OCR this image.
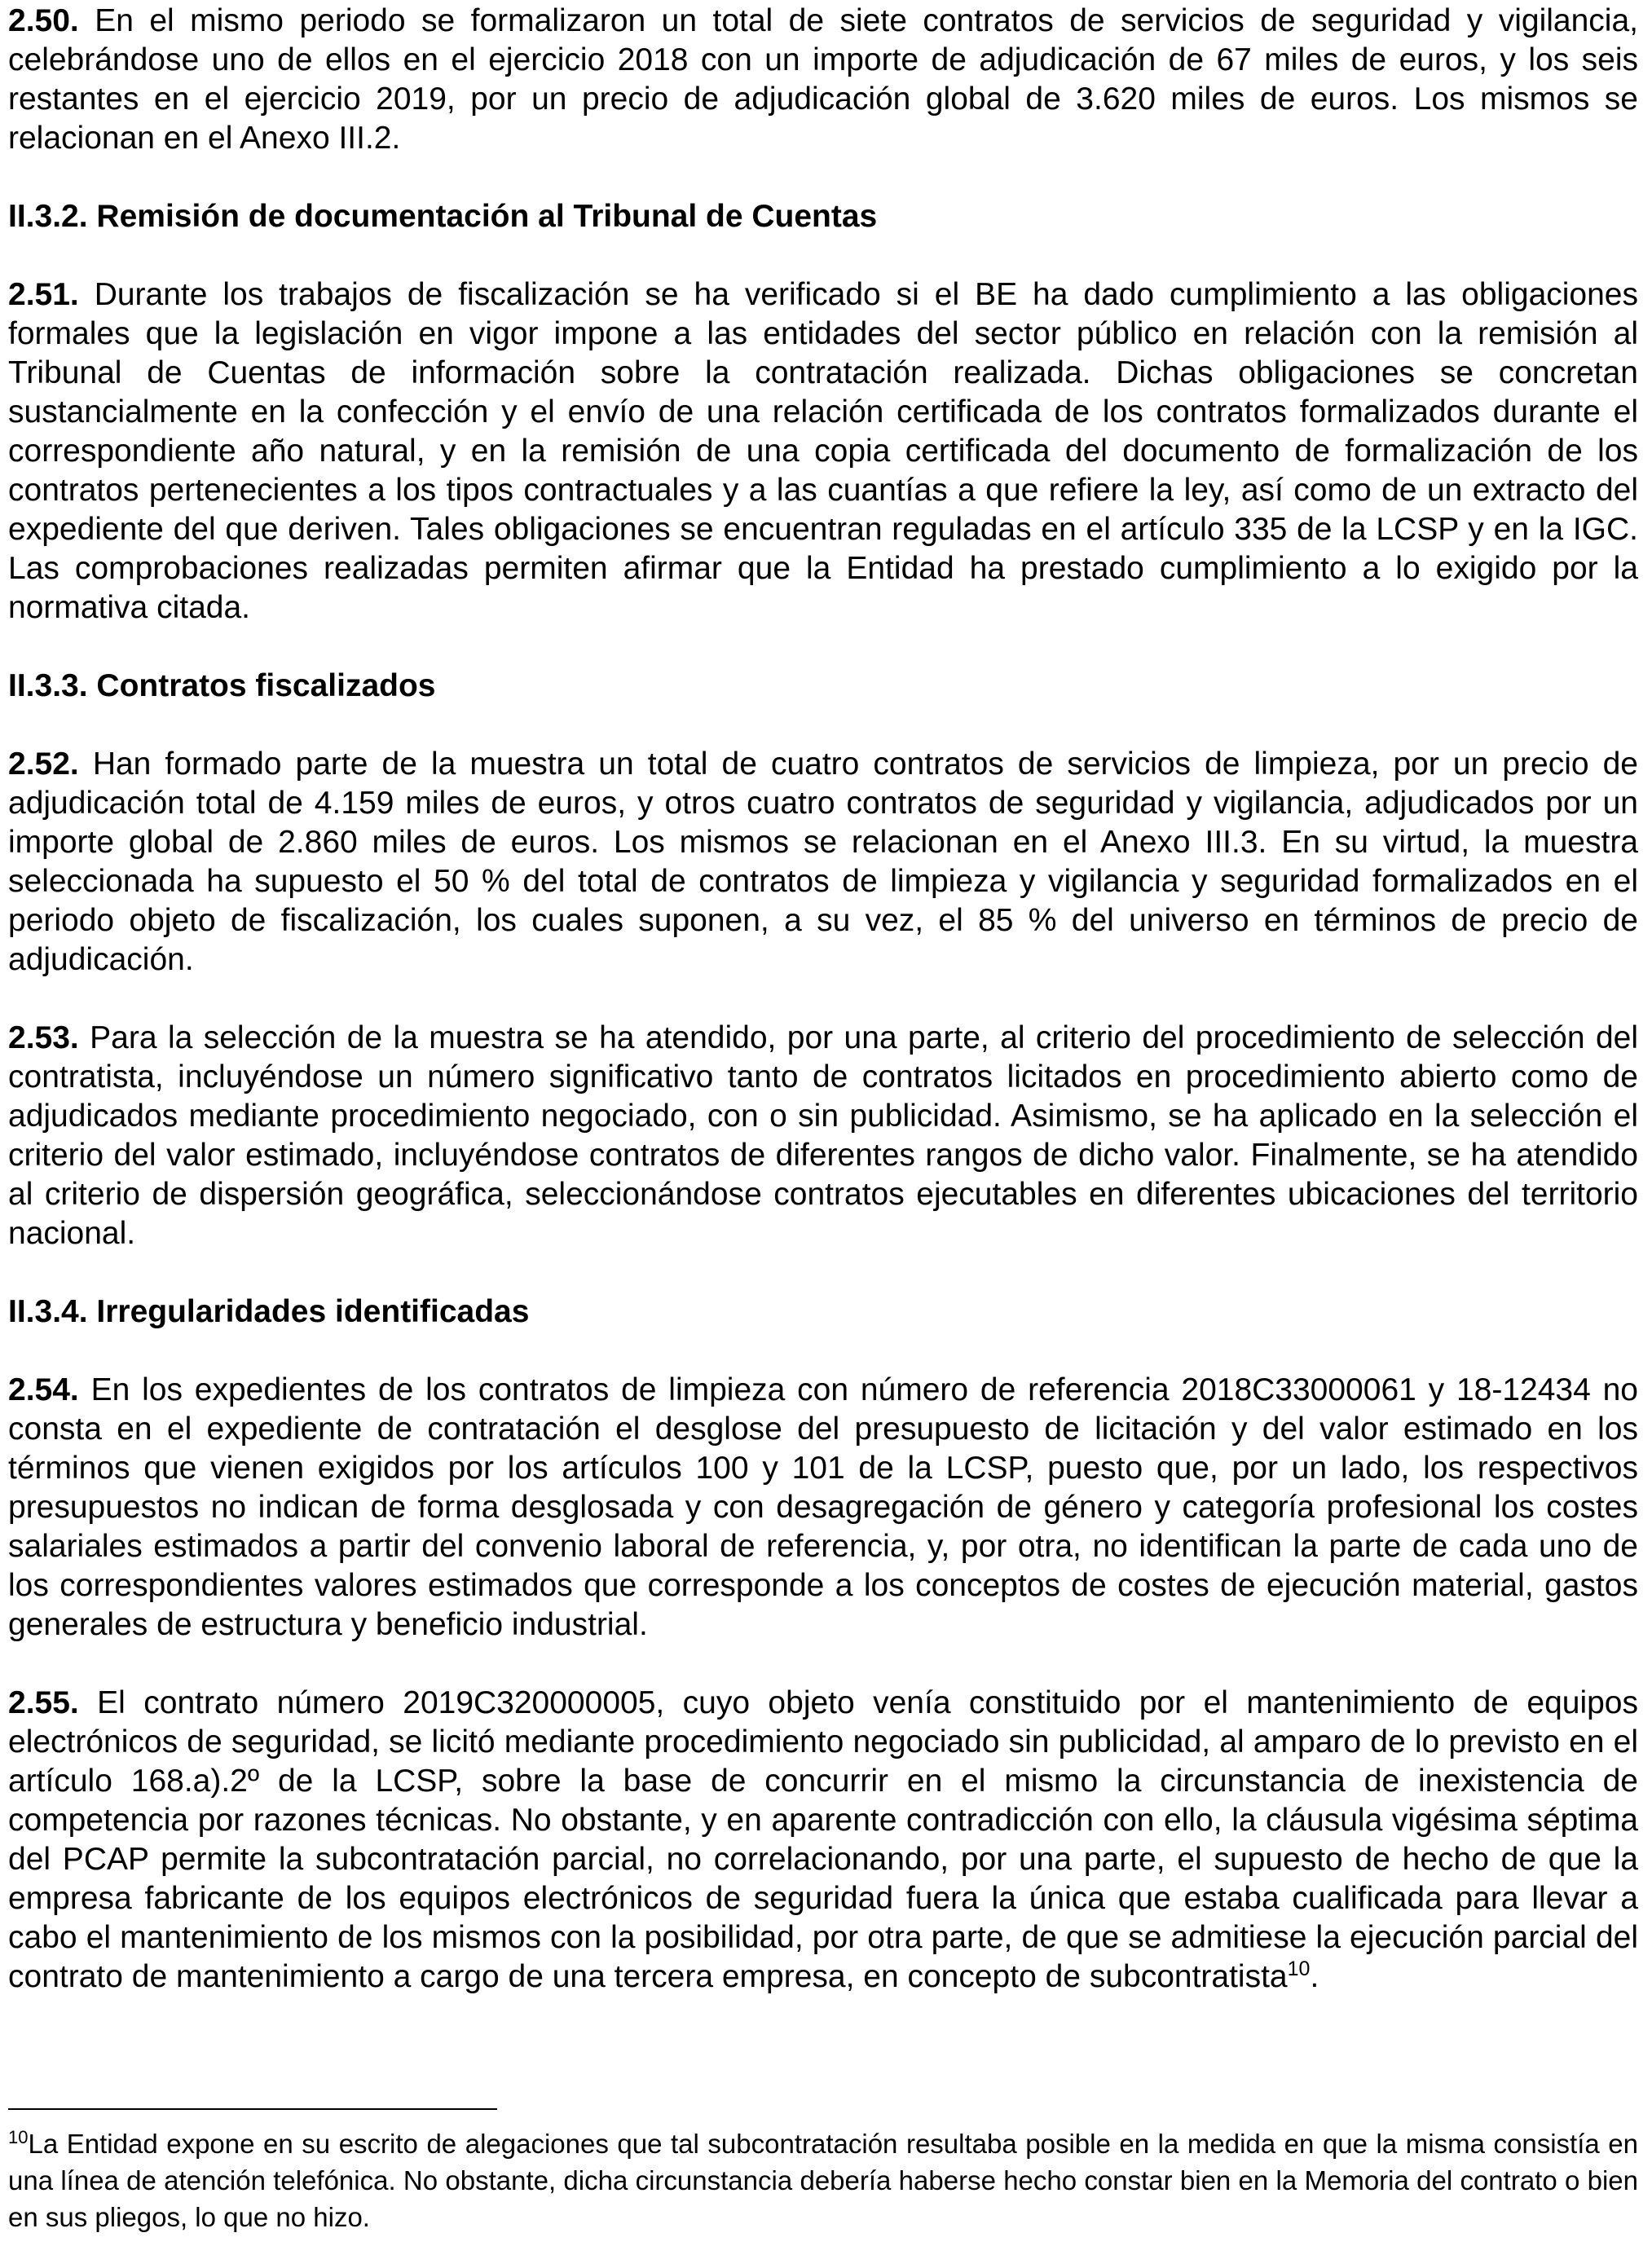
2.50. En el mismo periodo se formalizaron un total de siete contratos de servicios de seguridad y vigilancia, celebrándose uno de ellos en el ejercicio 2018 con un importe de adjudicación de 67 miles de euros, y los seis restantes en el ejercicio 2019, por un precio de adjudicación global de 3.620 miles de euros. Los mismos se relacionan en el Anexo III.2.

II.3.2. Remisión de documentación al Tribunal de Cuentas

2.51. Durante los trabajos de fiscalización se ha verificado si el BE ha dado cumplimiento a las obligaciones formales que la legislación en vigor impone a las entidades del sector público en relación con la remisión al Tribunal de Cuentas de información sobre la contratación realizada. Dichas obligaciones se concretan sustancialmente en la confección y el envío de una relación certificada de los contratos formalizados durante el correspondiente año natural, y en la remisión de una copia certificada del documento de formalización de los contratos pertenecientes a los tipos contractuales y a las cuantías a que refiere la ley, así como de un extracto del expediente del que deriven. Tales obligaciones se encuentran reguladas en el artículo 335 de la LCSP y en la IGC. Las comprobaciones realizadas permiten afirmar que la Entidad ha prestado cumplimiento a lo exigido por la normativa citada.

II.3.3. Contratos fiscalizados

2.52. Han formado parte de la muestra un total de cuatro contratos de servicios de limpieza, por un precio de adjudicación total de 4.159 miles de euros, y otros cuatro contratos de seguridad y vigilancia, adjudicados por un importe global de 2.860 miles de euros. Los mismos se relacionan en el Anexo III.3. En su virtud, la muestra seleccionada ha supuesto el 50 % del total de contratos de limpieza y vigilancia y seguridad formalizados en el periodo objeto de fiscalización, los cuales suponen, a su vez, el 85 % del universo en términos de precio de adjudicación.

2.53. Para la selección de la muestra se ha atendido, por una parte, al criterio del procedimiento de selección del contratista, incluyéndose un número significativo tanto de contratos licitados en procedimiento abierto como de adjudicados mediante procedimiento negociado, con o sin publicidad. Asimismo, se ha aplicado en la selección el criterio del valor estimado, incluyéndose contratos de diferentes rangos de dicho valor. Finalmente, se ha atendido al criterio de dispersión geográfica, seleccionándose contratos ejecutables en diferentes ubicaciones del territorio nacional.

II.3.4. Irregularidades identificadas

2.54. En los expedientes de los contratos de limpieza con número de referencia 2018C33000061 y 18-12434 no consta en el expediente de contratación el desglose del presupuesto de licitación y del valor estimado en los términos que vienen exigidos por los artículos 100 y 101 de la LCSP, puesto que, por un lado, los respectivos presupuestos no indican de forma desglosada y con desagregación de género y categoría profesional los costes salariales estimados a partir del convenio laboral de referencia, y, por otra, no identifican la parte de cada uno de los correspondientes valores estimados que corresponde a los conceptos de costes de ejecución material, gastos generales de estructura y beneficio industrial.

2.55. El contrato número 2019C320000005, cuyo objeto venía constituido por el mantenimiento de equipos electrónicos de seguridad, se licitó mediante procedimiento negociado sin publicidad, al amparo de lo previsto en el artículo 168.a).2º de la LCSP, sobre la base de concurrir en el mismo la circunstancia de inexistencia de competencia por razones técnicas. No obstante, y en aparente contradicción con ello, la cláusula vigésima séptima del PCAP permite la subcontratación parcial, no correlacionando, por una parte, el supuesto de hecho de que la empresa fabricante de los equipos electrónicos de seguridad fuera la única que estaba cualificada para llevar a cabo el mantenimiento de los mismos con la posibilidad, por otra parte, de que se admitiese la ejecución parcial del contrato de mantenimiento a cargo de una tercera empresa, en concepto de subcontratista$^{10}$.

$^{10}$La Entidad expone en su escrito de alegaciones que tal subcontratación resultaba posible en la medida en que la misma consistía en una línea de atención telefónica. No obstante, dicha circunstancia debería haberse hecho constar bien en la Memoria del contrato o bien en sus pliegos, lo que no hizo.
